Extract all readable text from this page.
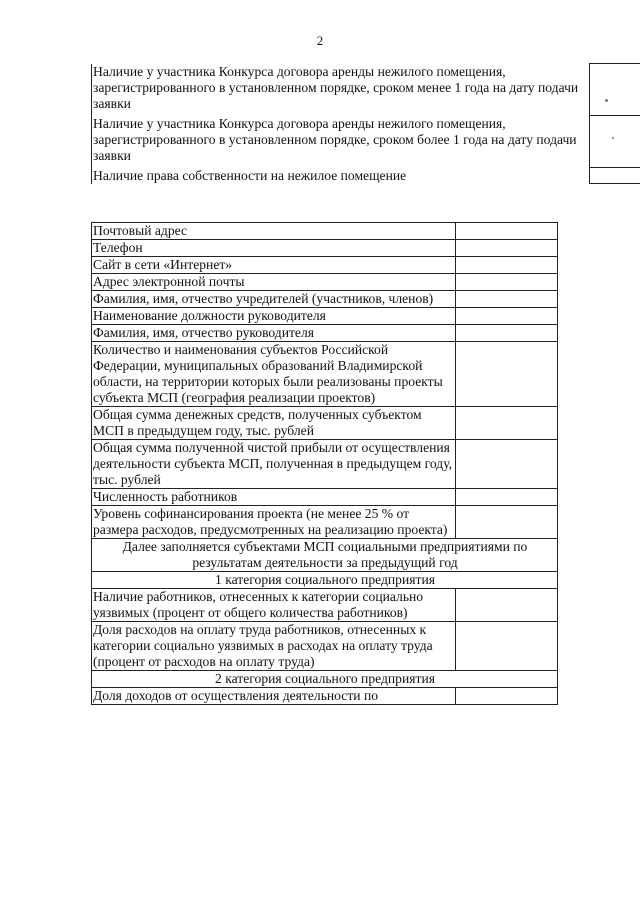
2
Наличие у участника Конкурса договора аренды нежилого помещения, зарегистрированного в установленном порядке, сроком менее 1 года на дату подачи заявки		
Наличие у участника Конкурса договора аренды нежилого помещения, зарегистрированного в установленном порядке, сроком более 1 года на дату подачи заявки		
Наличие права собственности на нежилое помещение		
Почтовый адрес	
Телефон	
Сайт в сети «Интернет»	
Адрес электронной почты	
Фамилия, имя, отчество учредителей (участников, членов)	
Наименование должности руководителя	
Фамилия, имя, отчество руководителя	
Количество и наименования субъектов Российской Федерации, муниципальных образований Владимирской области, на территории которых были реализованы проекты субъекта МСП (география реализации проектов)	
Общая сумма денежных средств, полученных субъектом МСП в предыдущем году, тыс. рублей	
Общая сумма полученной чистой прибыли от осуществления деятельности субъекта МСП, полученная в предыдущем году, тыс. рублей	
Численность работников	
Уровень софинансирования проекта (не менее 25 % от размера расходов, предусмотренных на реализацию проекта)	
Далее заполняется субъектами МСП социальными предприятиями по результатам деятельности за предыдущий год	
1 категория социального предприятия	
Наличие работников, отнесенных к категории социально уязвимых (процент от общего количества работников)	
Доля расходов на оплату труда работников, отнесенных к категории социально уязвимых в расходах на оплату труда (процент от расходов на оплату труда)	
2 категория социального предприятия	
Доля доходов от осуществления деятельности по	
